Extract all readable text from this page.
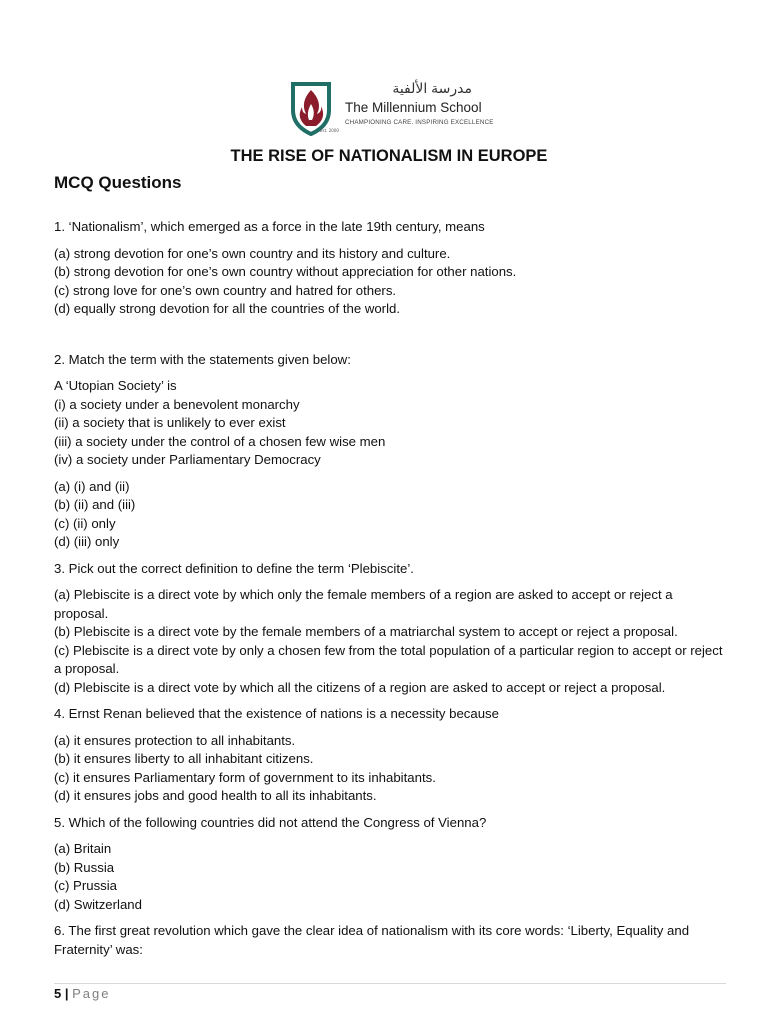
Est. 2000
مدرسة الألفية
The Millennium School
CHAMPIONING CARE. INSPIRING EXCELLENCE
THE RISE OF NATIONALISM IN EUROPE
MCQ Questions

1. ‘Nationalism’, which emerged as a force in the late 19th century, means

(a) strong devotion for one’s own country and its history and culture.

(b) strong devotion for one’s own country without appreciation for other nations.

(c) strong love for one’s own country and hatred for others.

(d) equally strong devotion for all the countries of the world.

2. Match the term with the statements given below:

A ‘Utopian Society’ is

(i) a society under a benevolent monarchy

(ii) a society that is unlikely to ever exist

(iii) a society under the control of a chosen few wise men

(iv) a society under Parliamentary Democracy

(a) (i) and (ii)

(b) (ii) and (iii)

(c) (ii) only

(d) (iii) only

3. Pick out the correct definition to define the term ‘Plebiscite’.

(a) Plebiscite is a direct vote by which only the female members of a region are asked to accept or reject a proposal.

(b) Plebiscite is a direct vote by the female members of a matriarchal system to accept or reject a proposal.

(c) Plebiscite is a direct vote by only a chosen few from the total population of a particular region to accept or reject a proposal.

(d) Plebiscite is a direct vote by which all the citizens of a region are asked to accept or reject a proposal.

4. Ernst Renan believed that the existence of nations is a necessity because

(a) it ensures protection to all inhabitants.

(b) it ensures liberty to all inhabitant citizens.

(c) it ensures Parliamentary form of government to its inhabitants.

(d) it ensures jobs and good health to all its inhabitants.

5. Which of the following countries did not attend the Congress of Vienna?

(a) Britain

(b) Russia

(c) Prussia

(d) Switzerland

6. The first great revolution which gave the clear idea of nationalism with its core words: ‘Liberty, Equality and Fraternity’ was:

5 | Page
